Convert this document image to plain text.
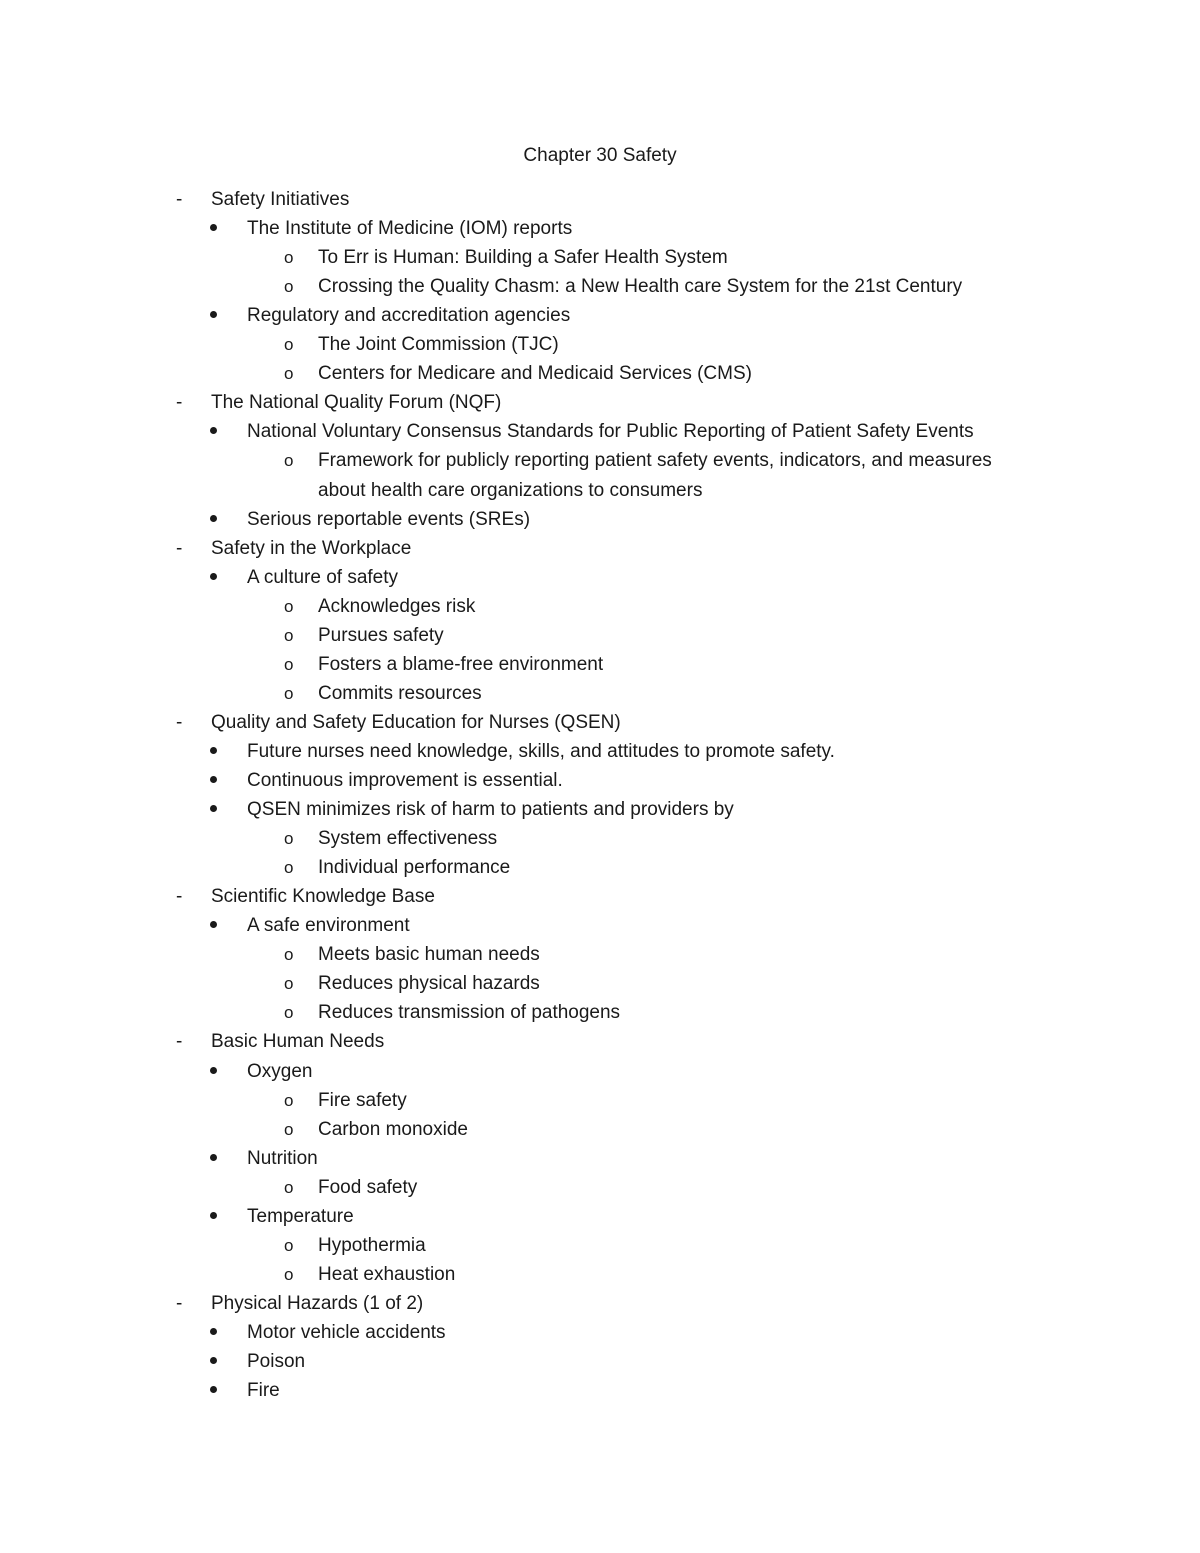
Chapter 30 Safety
- Safety Initiatives
The Institute of Medicine (IOM) reports
o To Err is Human: Building a Safer Health System
o Crossing the Quality Chasm: a New Health care System for the 21st Century
Regulatory and accreditation agencies
o The Joint Commission (TJC)
o Centers for Medicare and Medicaid Services (CMS)
- The National Quality Forum (NQF)
National Voluntary Consensus Standards for Public Reporting of Patient Safety Events
o Framework for publicly reporting patient safety events, indicators, and measures
about health care organizations to consumers
Serious reportable events (SREs)
- Safety in the Workplace
A culture of safety
o Acknowledges risk
o Pursues safety
o Fosters a blame-free environment
o Commits resources
- Quality and Safety Education for Nurses (QSEN)
Future nurses need knowledge, skills, and attitudes to promote safety.
Continuous improvement is essential.
QSEN minimizes risk of harm to patients and providers by
o System effectiveness
o Individual performance
- Scientific Knowledge Base
A safe environment
o Meets basic human needs
o Reduces physical hazards
o Reduces transmission of pathogens
- Basic Human Needs
Oxygen
o Fire safety
o Carbon monoxide
Nutrition
o Food safety
Temperature
o Hypothermia
o Heat exhaustion
- Physical Hazards (1 of 2)
Motor vehicle accidents
Poison
Fire
